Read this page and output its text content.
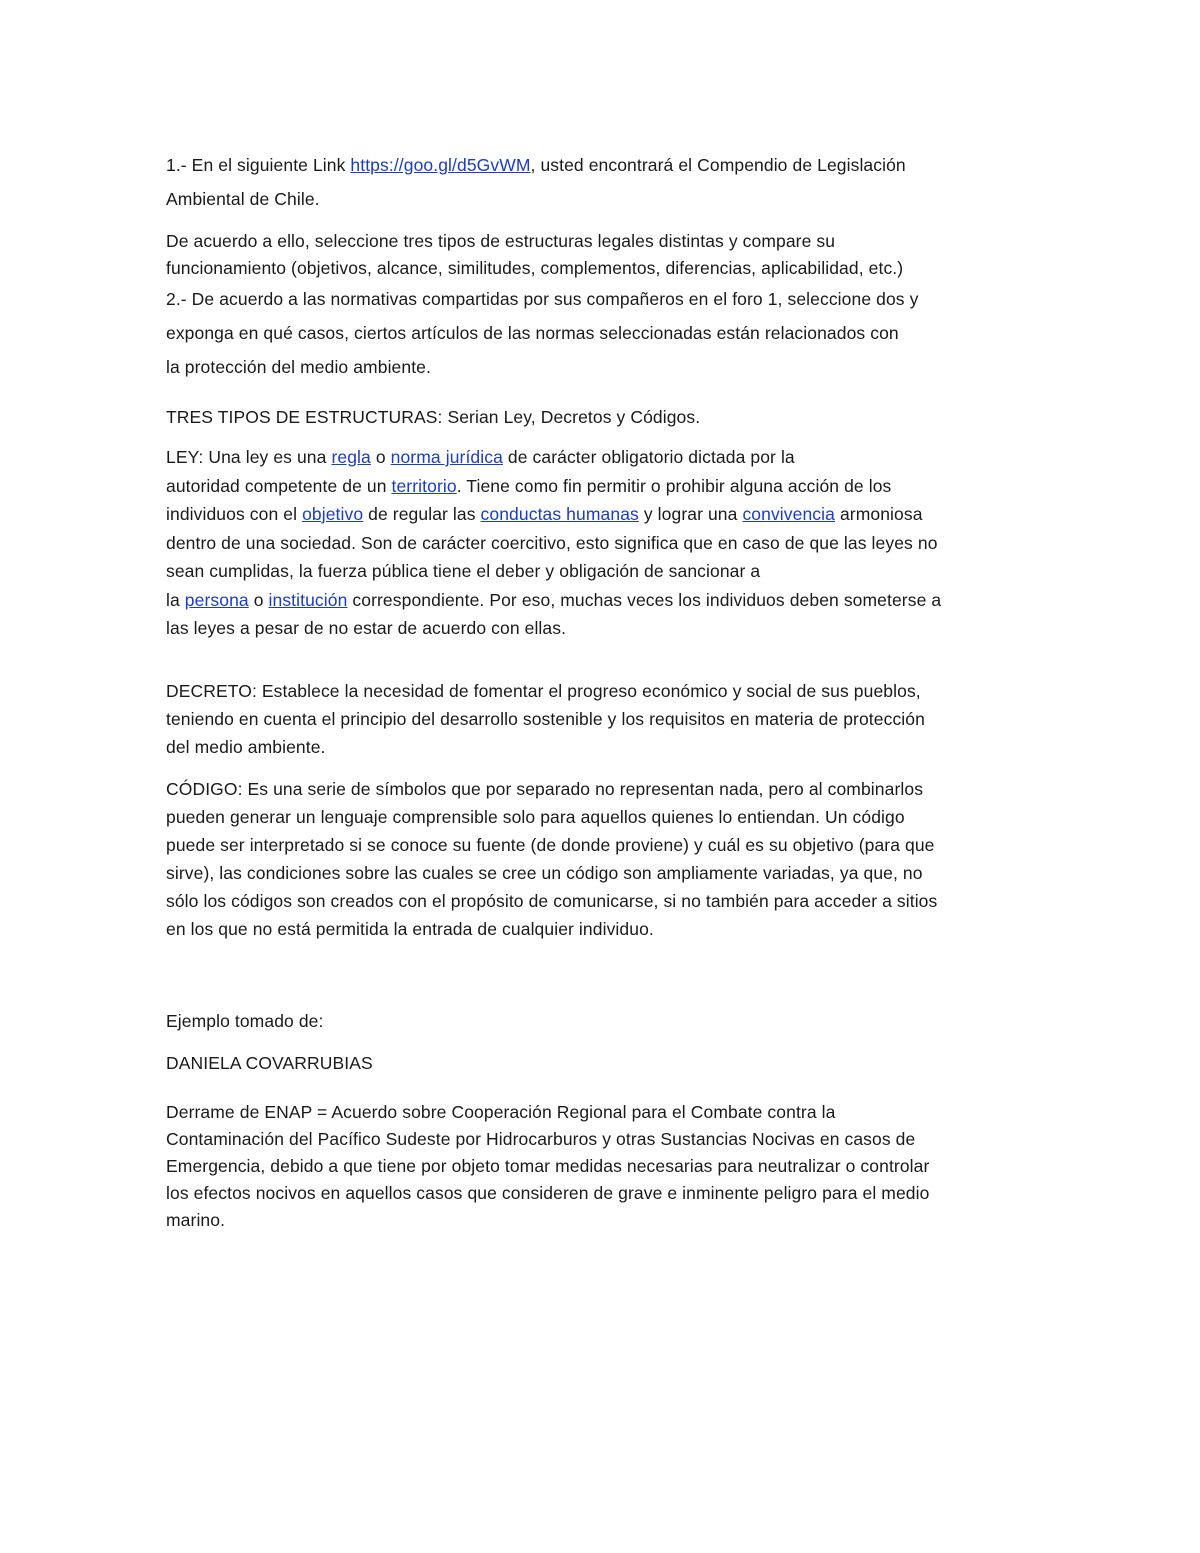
1.- En el siguiente Link https://goo.gl/d5GvWM, usted encontrará el Compendio de Legislación
Ambiental de Chile.

De acuerdo a ello, seleccione tres tipos de estructuras legales distintas y compare su
funcionamiento (objetivos, alcance, similitudes, complementos, diferencias, aplicabilidad, etc.)

2.- De acuerdo a las normativas compartidas por sus compañeros en el foro 1, seleccione dos y
exponga en qué casos, ciertos artículos de las normas seleccionadas están relacionados con
la protección del medio ambiente.

TRES TIPOS DE ESTRUCTURAS: Serian Ley, Decretos y Códigos.

LEY: Una ley es una regla o norma jurídica de carácter obligatorio dictada por la
autoridad competente de un territorio. Tiene como fin permitir o prohibir alguna acción de los
individuos con el objetivo de regular las conductas humanas y lograr una convivencia armoniosa
dentro de una sociedad. Son de carácter coercitivo, esto significa que en caso de que las leyes no
sean cumplidas, la fuerza pública tiene el deber y obligación de sancionar a
la persona o institución correspondiente. Por eso, muchas veces los individuos deben someterse a
las leyes a pesar de no estar de acuerdo con ellas.

DECRETO: Establece la necesidad de fomentar el progreso económico y social de sus pueblos,
teniendo en cuenta el principio del desarrollo sostenible y los requisitos en materia de protección
del medio ambiente.

CÓDIGO: Es una serie de símbolos que por separado no representan nada, pero al combinarlos
pueden generar un lenguaje comprensible solo para aquellos quienes lo entiendan. Un código
puede ser interpretado si se conoce su fuente (de donde proviene) y cuál es su objetivo (para que
sirve), las condiciones sobre las cuales se cree un código son ampliamente variadas, ya que, no
sólo los códigos son creados con el propósito de comunicarse, si no también para acceder a sitios
en los que no está permitida la entrada de cualquier individuo.

Ejemplo tomado de:

DANIELA COVARRUBIAS

Derrame de ENAP = Acuerdo sobre Cooperación Regional para el Combate contra la
Contaminación del Pacífico Sudeste por Hidrocarburos y otras Sustancias Nocivas en casos de
Emergencia, debido a que tiene por objeto tomar medidas necesarias para neutralizar o controlar
los efectos nocivos en aquellos casos que consideren de grave e inminente peligro para el medio
marino.
